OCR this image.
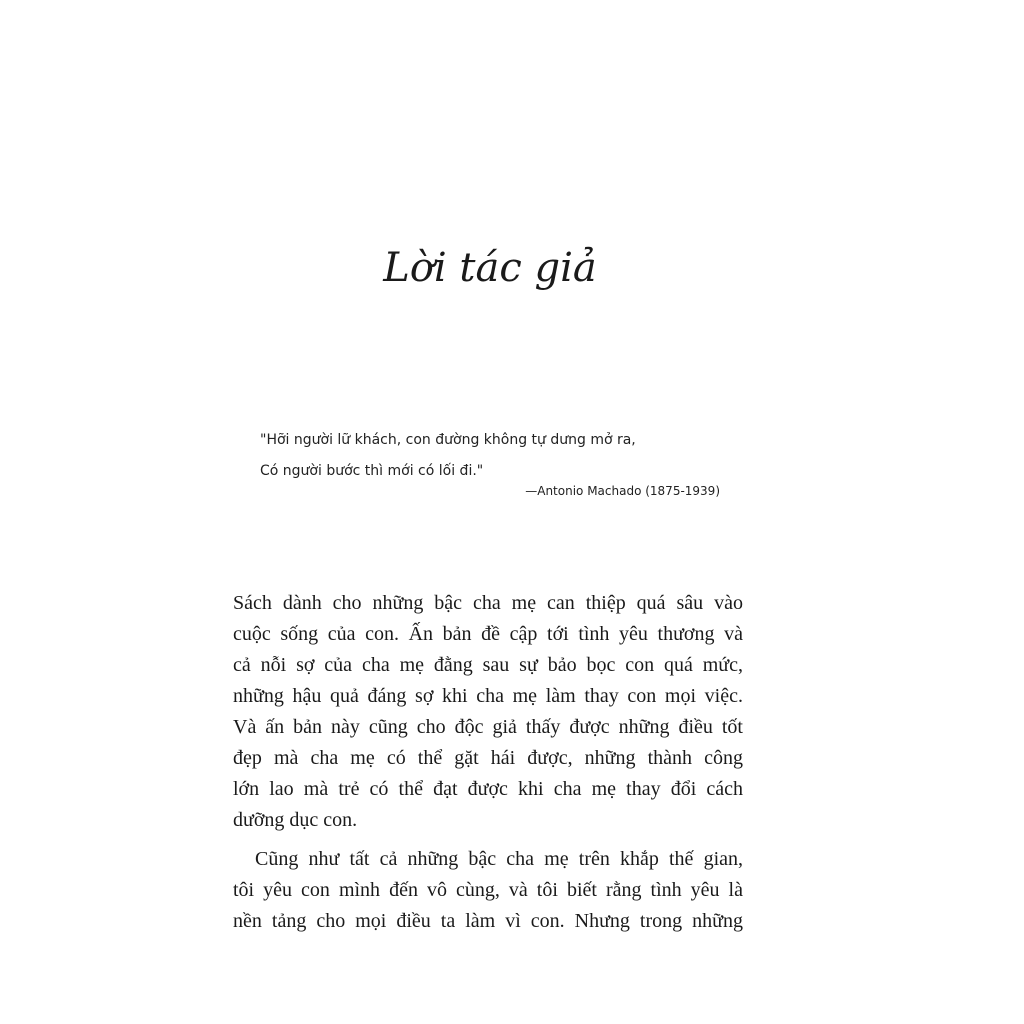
Lời tác giả
"Hỡi người lữ khách, con đường không tự dưng mở ra,
Có người bước thì mới có lối đi."
—Antonio Machado (1875-1939)

Sách dành cho những bậc cha mẹ can thiệp quá sâu vào
cuộc sống của con. Ấn bản đề cập tới tình yêu thương và
cả nỗi sợ của cha mẹ đằng sau sự bảo bọc con quá mức,
những hậu quả đáng sợ khi cha mẹ làm thay con mọi việc.
Và ấn bản này cũng cho độc giả thấy được những điều tốt
đẹp mà cha mẹ có thể gặt hái được, những thành công
lớn lao mà trẻ có thể đạt được khi cha mẹ thay đổi cách
dưỡng dục con.

Cũng như tất cả những bậc cha mẹ trên khắp thế gian,
tôi yêu con mình đến vô cùng, và tôi biết rằng tình yêu là
nền tảng cho mọi điều ta làm vì con. Nhưng trong những
